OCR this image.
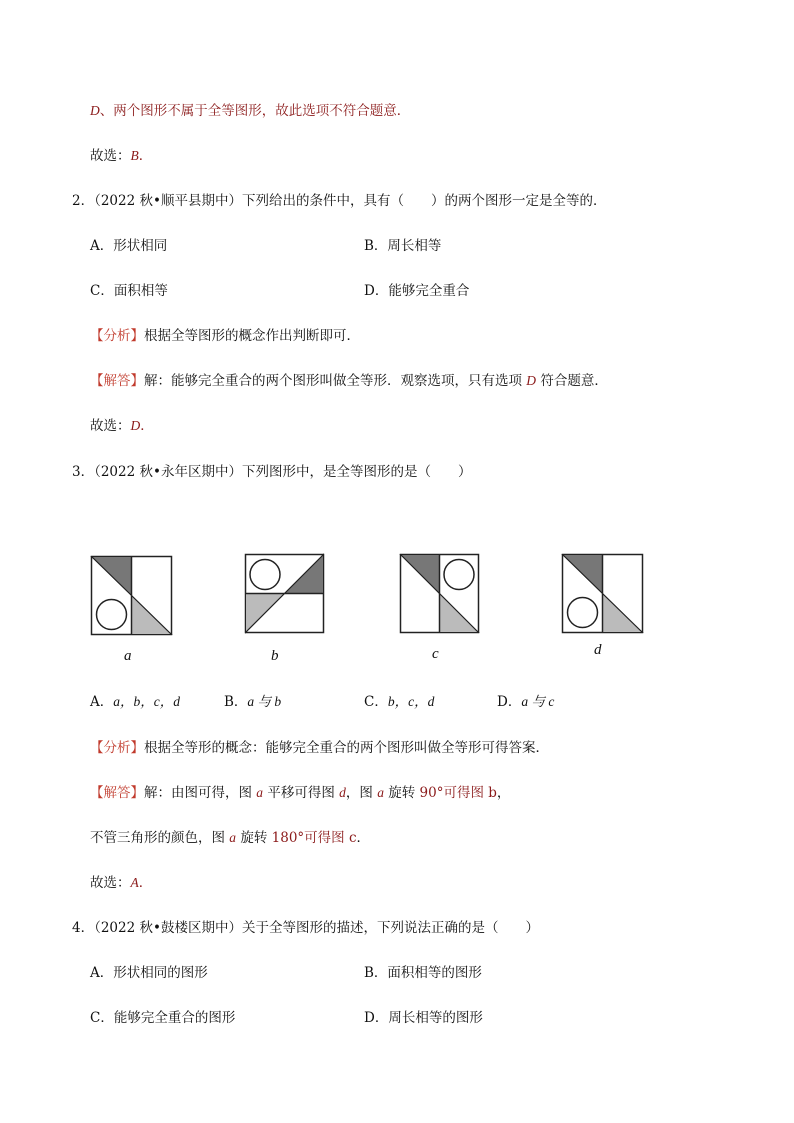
D、两个图形不属于全等图形，故此选项不符合题意．
故选：B．
2．（2022 秋•顺平县期中）下列给出的条件中，具有（　　）的两个图形一定是全等的．
A．形状相同	B．周长相等
C．面积相等	D．能够完全重合
【分析】根据全等图形的概念作出判断即可．
【解答】解：能够完全重合的两个图形叫做全等形．观察选项，只有选项 D 符合题意．
故选：D．
3．（2022 秋•永年区期中）下列图形中，是全等图形的是（　　）
a	b	c	d
A．a，b，c，d	B．a 与 b	C．b，c，d	D．a 与 c
【分析】根据全等形的概念：能够完全重合的两个图形叫做全等形可得答案．
【解答】解：由图可得，图 a 平移可得图 d，图 a 旋转 90°可得图 b，
不管三角形的颜色，图 a 旋转 180°可得图 c．
故选：A．
4．（2022 秋•鼓楼区期中）关于全等图形的描述，下列说法正确的是（　　）
A．形状相同的图形	B．面积相等的图形
C．能够完全重合的图形	D．周长相等的图形
